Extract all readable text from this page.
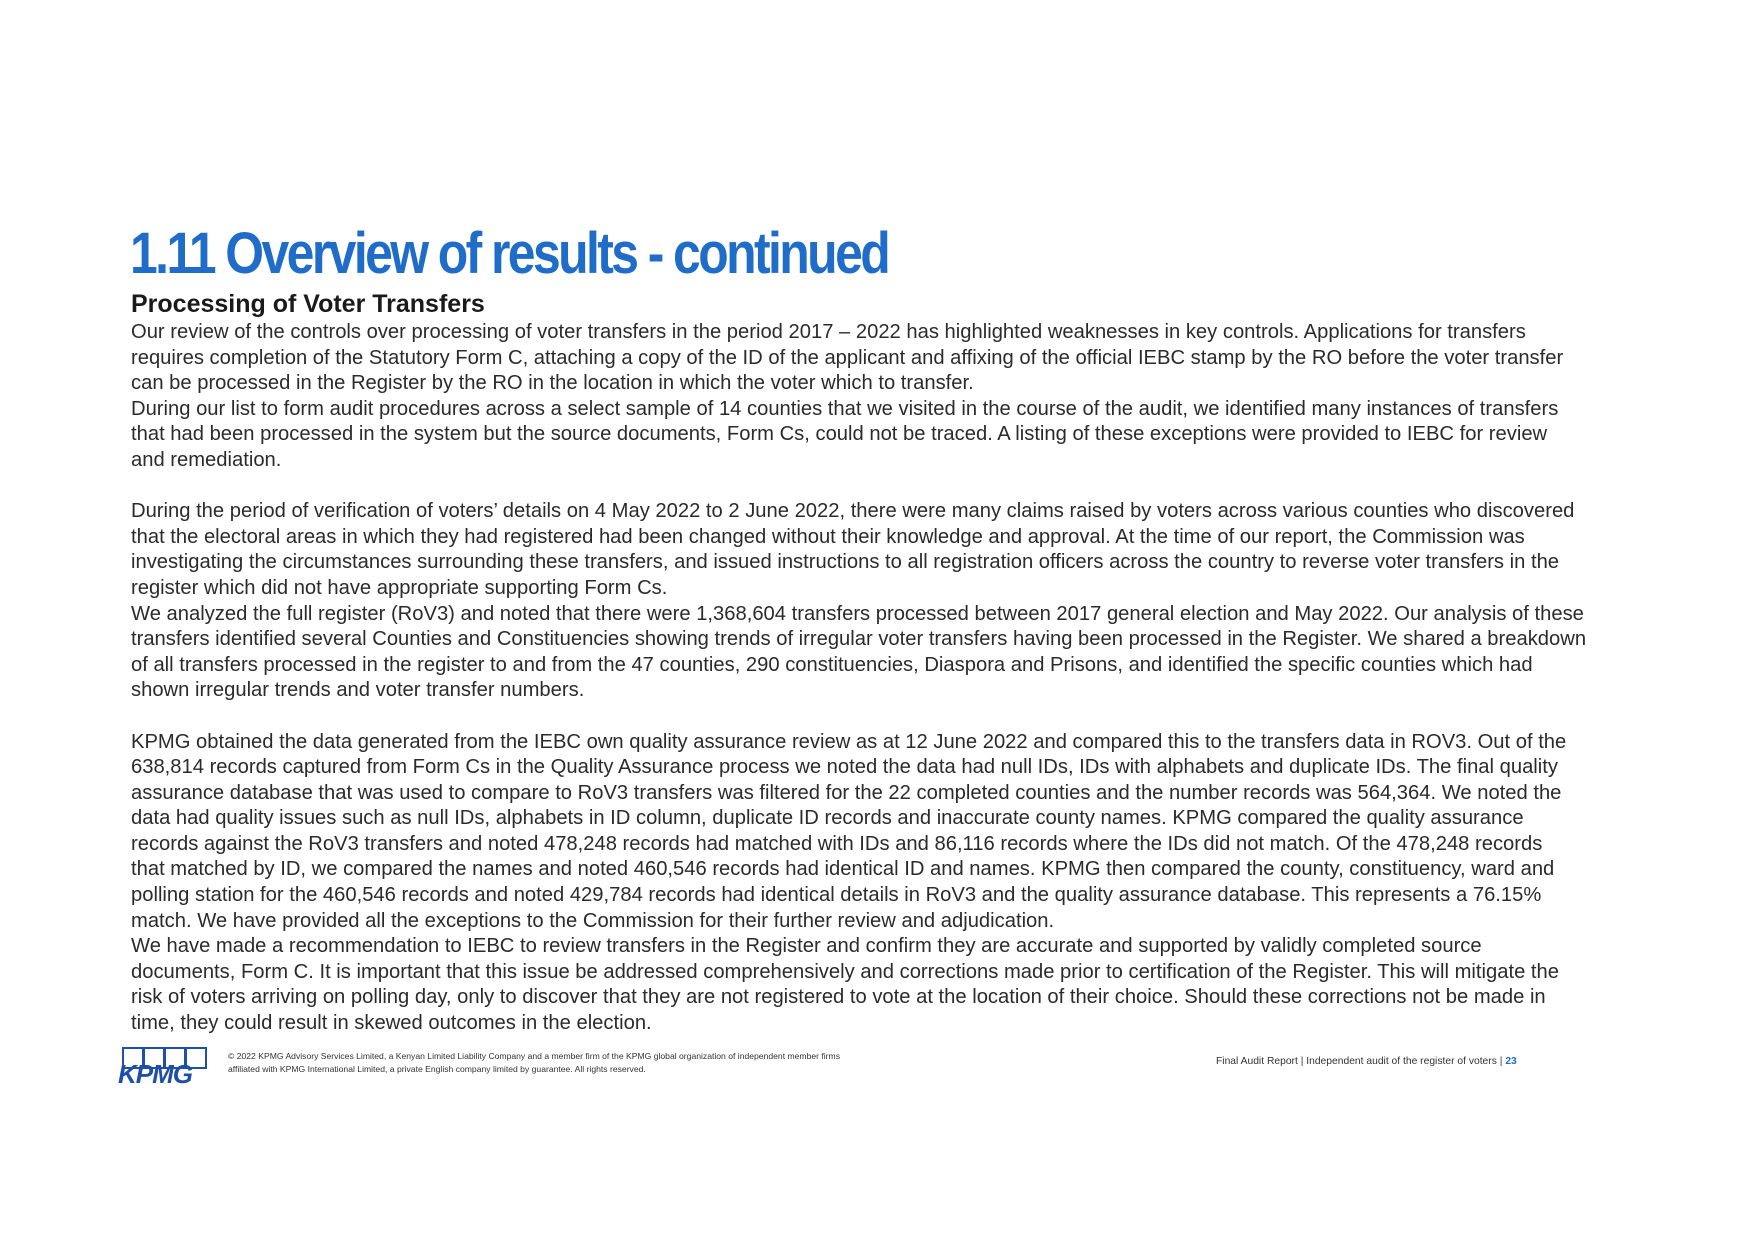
1.11 Overview of results - continued
Processing of Voter Transfers
Our review of the controls over processing of voter transfers in the period 2017 – 2022 has highlighted weaknesses in key controls. Applications for transfers
requires completion of the Statutory Form C, attaching a copy of the ID of the applicant and affixing of the official IEBC stamp by the RO before the voter transfer
can be processed in the Register by the RO in the location in which the voter which to transfer.
During our list to form audit procedures across a select sample of 14 counties that we visited in the course of the audit, we identified many instances of transfers
that had been processed in the system but the source documents, Form Cs, could not be traced. A listing of these exceptions were provided to IEBC for review
and remediation.
During the period of verification of voters’ details on 4 May 2022 to 2 June 2022, there were many claims raised by voters across various counties who discovered
that the electoral areas in which they had registered had been changed without their knowledge and approval. At the time of our report, the Commission was
investigating the circumstances surrounding these transfers, and issued instructions to all registration officers across the country to reverse voter transfers in the
register which did not have appropriate supporting Form Cs.
We analyzed the full register (RoV3) and noted that there were 1,368,604 transfers processed between 2017 general election and May 2022. Our analysis of these
transfers identified several Counties and Constituencies showing trends of irregular voter transfers having been processed in the Register. We shared a breakdown
of all transfers processed in the register to and from the 47 counties, 290 constituencies, Diaspora and Prisons, and identified the specific counties which had
shown irregular trends and voter transfer numbers.
KPMG obtained the data generated from the IEBC own quality assurance review as at 12 June 2022 and compared this to the transfers data in ROV3. Out of the
638,814 records captured from Form Cs in the Quality Assurance process we noted the data had null IDs, IDs with alphabets and duplicate IDs. The final quality
assurance database that was used to compare to RoV3 transfers was filtered for the 22 completed counties and the number records was 564,364. We noted the
data had quality issues such as null IDs, alphabets in ID column, duplicate ID records and inaccurate county names. KPMG compared the quality assurance
records against the RoV3 transfers and noted 478,248 records had matched with IDs and 86,116 records where the IDs did not match. Of the 478,248 records
that matched by ID, we compared the names and noted 460,546 records had identical ID and names. KPMG then compared the county, constituency, ward and
polling station for the 460,546 records and noted 429,784 records had identical details in RoV3 and the quality assurance database. This represents a 76.15%
match. We have provided all the exceptions to the Commission for their further review and adjudication.
We have made a recommendation to IEBC to review transfers in the Register and confirm they are accurate and supported by validly completed source
documents, Form C. It is important that this issue be addressed comprehensively and corrections made prior to certification of the Register. This will mitigate the
risk of voters arriving on polling day, only to discover that they are not registered to vote at the location of their choice. Should these corrections not be made in
time, they could result in skewed outcomes in the election.
KPMG
© 2022 KPMG Advisory Services Limited, a Kenyan Limited Liability Company and a member firm of the KPMG global organization of independent member firms
affiliated with KPMG International Limited, a private English company limited by guarantee. All rights reserved.
Final Audit Report | Independent audit of the register of voters | 23
